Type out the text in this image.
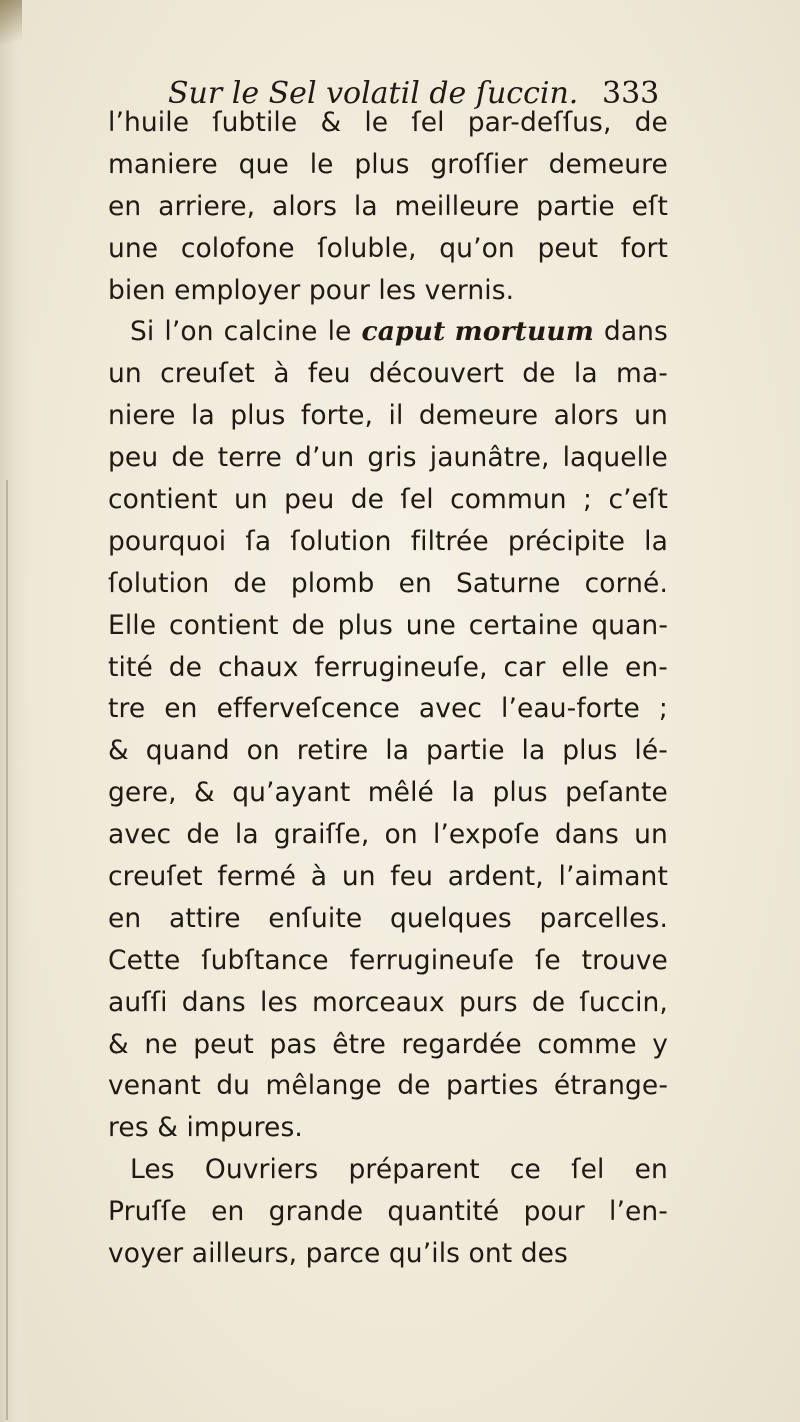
Sur le Sel volatil de ſuccin. 333
l’huile ſubtile & le ſel par-deſſus, de
maniere que le plus groſſier demeure
en arriere, alors la meilleure partie eſt
une colofone ſoluble, qu’on peut fort
bien employer pour les vernis.
Si l’on calcine le caput mortuum dans
un creuſet à feu découvert de la ma-
niere la plus forte, il demeure alors un
peu de terre d’un gris jaunâtre, laquelle
contient un peu de ſel commun ; c’eſt
pourquoi ſa ſolution filtrée précipite la
ſolution de plomb en Saturne corné.
Elle contient de plus une certaine quan-
tité de chaux ferrugineuſe, car elle en-
tre en efferveſcence avec l’eau-forte ;
& quand on retire la partie la plus lé-
gere, & qu’ayant mêlé la plus peſante
avec de la graiſſe, on l’expoſe dans un
creuſet fermé à un feu ardent, l’aimant
en attire enſuite quelques parcelles.
Cette ſubſtance ferrugineuſe ſe trouve
auſſi dans les morceaux purs de ſuccin,
& ne peut pas être regardée comme y
venant du mêlange de parties étrange-
res & impures.
Les Ouvriers préparent ce ſel en
Pruſſe en grande quantité pour l’en-
voyer ailleurs, parce qu’ils ont des
